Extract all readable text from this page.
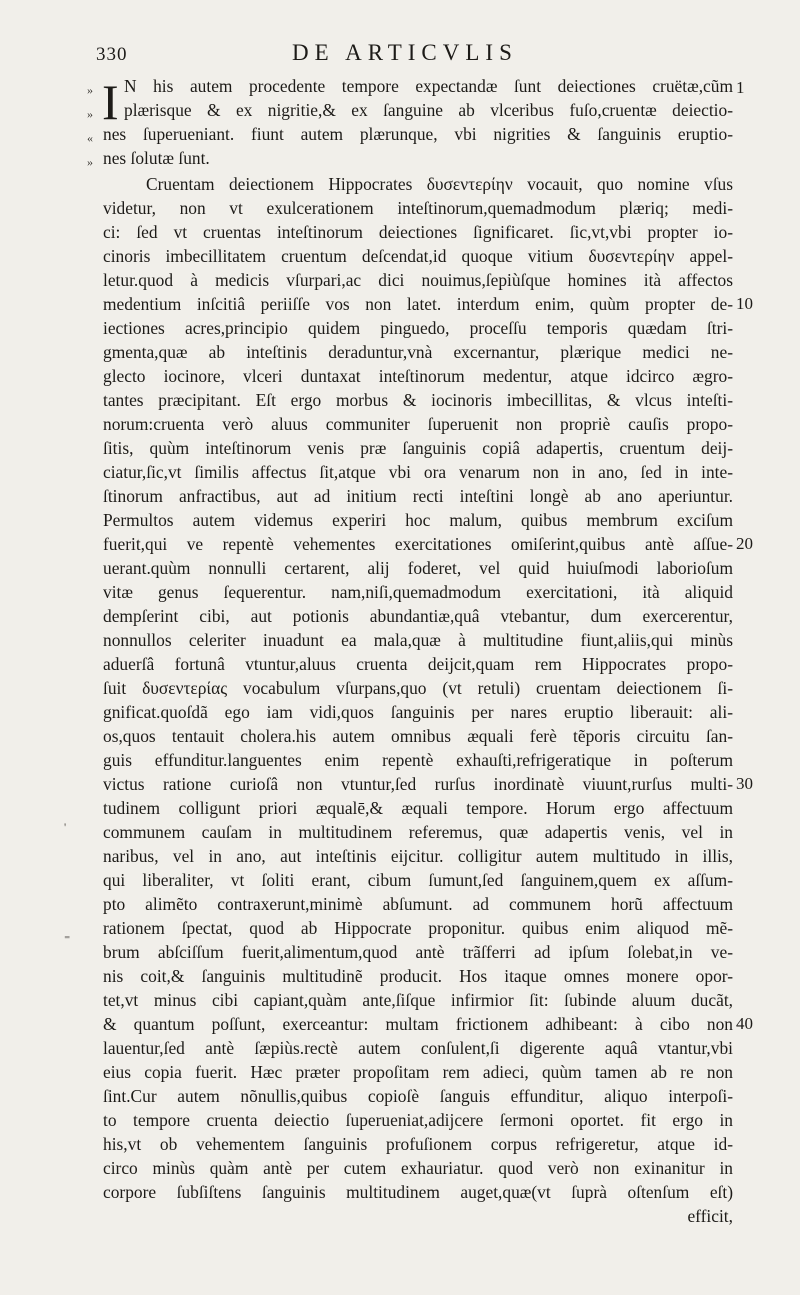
330	DE ARTICVLIS
»
»
«
»
I N his autem procedente tempore expectandæ ſunt deiectiones cruëtæ,cũm
plærisque & ex nigritie,& ex ſanguine ab vlceribus fuſo,cruentæ deiectio-
nes ſuperueniant. fiunt autem plærunque, vbi nigrities & ſanguinis eruptio-
nes ſolutæ ſunt.
Cruentam deiectionem Hippocrates δυσεντερίην vocauit, quo nomine vſus
videtur, non vt exulcerationem inteſtinorum,quemadmodum plæriq; medi-
ci: ſed vt cruentas inteſtinorum deiectiones ſignificaret. ſic,vt,vbi propter io-
cinoris imbecillitatem cruentum deſcendat,id quoque vitium δυσεντερίην appel-
letur.quod à medicis vſurpari,ac dici nouimus,ſepiùſque homines ità affectos
medentium inſcitiâ periiſſe vos non latet. interdum enim, quùm propter de-
iectiones acres,principio quidem pinguedo, proceſſu temporis quædam ſtri-
gmenta,quæ ab inteſtinis deraduntur,vnà excernantur, plærique medici ne-
glecto iocinore, vlceri duntaxat inteſtinorum medentur, atque idcirco ægro-
tantes præcipitant. Eſt ergo morbus & iocinoris imbecillitas, & vlcus inteſti-
norum:cruenta verò aluus communiter ſuperuenit non propriè cauſis propo-
ſitis, quùm inteſtinorum venis præ ſanguinis copiâ adapertis, cruentum deij-
ciatur,ſic,vt ſimilis affectus ſit,atque vbi ora venarum non in ano, ſed in inte-
ſtinorum anfractibus, aut ad initium recti inteſtini longè ab ano aperiuntur.
Permultos autem videmus experiri hoc malum, quibus membrum exciſum
fuerit,qui ve repentè vehementes exercitationes omiſerint,quibus antè aſſue-
uerant.quùm nonnulli certarent, alij foderet, vel quid huiuſmodi laborioſum
vitæ genus ſequerentur. nam,niſi,quemadmodum exercitationi, ità aliquid
dempſerint cibi, aut potionis abundantiæ,quâ vtebantur, dum exercerentur,
nonnullos celeriter inuadunt ea mala,quæ à multitudine fiunt,aliis,qui minùs
aduerſâ fortunâ vtuntur,aluus cruenta deijcit,quam rem Hippocrates propo-
ſuit δυσεντερίας vocabulum vſurpans,quo (vt retuli) cruentam deiectionem ſi-
gnificat.quoſdã ego iam vidi,quos ſanguinis per nares eruptio liberauit: ali-
os,quos tentauit cholera.his autem omnibus æquali ferè tẽporis circuitu ſan-
guis effunditur.languentes enim repentè exhauſti,refrigeratique in poſterum
victus ratione curioſâ non vtuntur,ſed rurſus inordinatè viuunt,rurſus multi-
tudinem colligunt priori æqualē,& æquali tempore. Horum ergo affectuum
communem cauſam in multitudinem referemus, quæ adapertis venis, vel in
naribus, vel in ano, aut inteſtinis eijcitur. colligitur autem multitudo in illis,
qui liberaliter, vt ſoliti erant, cibum ſumunt,ſed ſanguinem,quem ex aſſum-
pto alimẽto contraxerunt,minimè abſumunt. ad communem horũ affectuum
rationem ſpectat, quod ab Hippocrate proponitur. quibus enim aliquod mẽ-
brum abſciſſum fuerit,alimentum,quod antè trãſferri ad ipſum ſolebat,in ve-
nis coit,& ſanguinis multitudinẽ producit. Hos itaque omnes monere opor-
tet,vt minus cibi capiant,quàm ante,ſiſque infirmior ſit: ſubinde aluum ducãt,
& quantum poſſunt, exerceantur: multam frictionem adhibeant: à cibo non
lauentur,ſed antè ſæpiùs.rectè autem conſulent,ſi digerente aquâ vtantur,vbi
eius copia fuerit. Hæc præter propoſitam rem adieci, quùm tamen ab re non
ſint.Cur autem nõnullis,quibus copioſè ſanguis effunditur, aliquo interpoſi-
to tempore cruenta deiectio ſuperueniat,adijcere ſermoni oportet. fit ergo in
his,vt ob vehementem ſanguinis profuſionem corpus refrigeretur, atque id-
circo minùs quàm antè per cutem exhauriatur. quod verò non exinanitur in
corpore ſubſiſtens ſanguinis multitudinem auget,quæ(vt ſuprà oſtenſum eſt)
efficit,
1
10
20
30
40
'
⁼
